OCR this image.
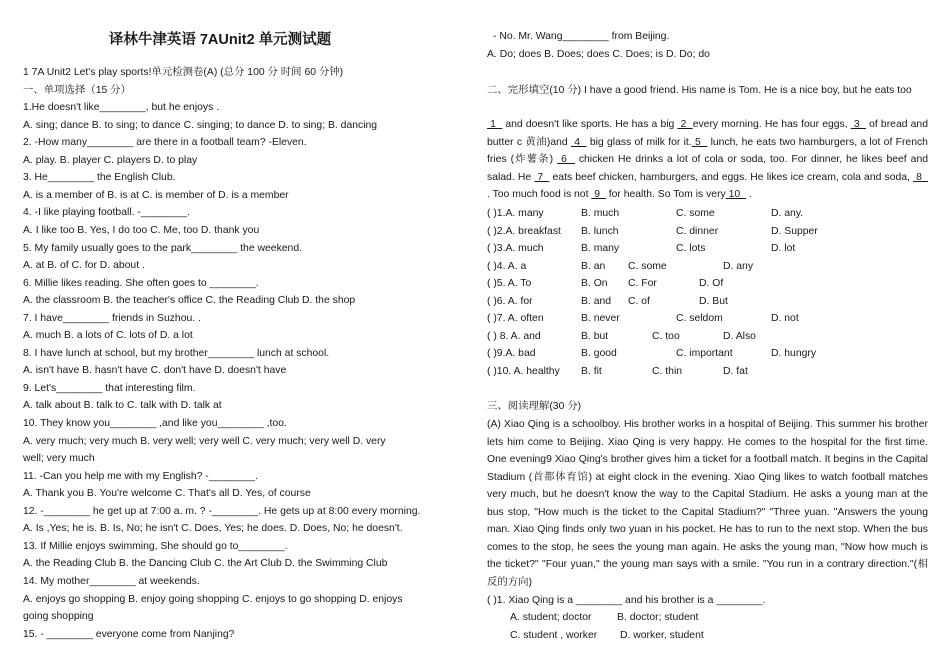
译林牛津英语 7AUnit2 单元测试题
1 7A Unit2 Let's play sports!单元检测卷(A) (总分 100 分 时间 60 分钟)
一、单项选择（15 分）
1.He doesn't like________, but he enjoys .
A. sing; dance B. to sing; to dance C. singing; to dance D. to sing; B. dancing
2. -How many________ are there in a football team? -Eleven.
A. play. B. player C. players D. to play
3. He________ the English Club.
A. is a member of B. is at C. is member of D. is a member
4. -I like playing football. -________.
A. I like too B. Yes, I do too C. Me, too D. thank you
5. My family usually goes to the park________ the weekend.
A. at B. of C. for D. about .
6. Millie likes reading. She often goes to ________.
A. the classroom B. the teacher's office C. the Reading Club D. the shop
7. I have________ friends in Suzhou. .
A. much B. a lots of C. lots of D. a lot
8. I have lunch at school, but my brother________ lunch at school.
A. isn't have B. hasn't have C. don't have D. doesn't have
9. Let's________ that interesting film.
A. talk about B. talk to C. talk with D. talk at
10. They know you________ ,and like you________ ,too.
A. very much; very much B. very well; very well C. very much; very well D. very
well; very much
11. -Can you help me with my English? -________.
A. Thank you B. You're welcome C. That's all D. Yes, of course
12. -________ he get up at 7:00 a. m. ? -________. He gets up at 8:00 every morning.
A. Is ,Yes; he is. B. Is, No; he isn't C. Does, Yes; he does. D. Does, No; he doesn't.
13. If Millie enjoys swimming, She should go to________.
A. the Reading Club B. the Dancing Club C. the Art Club D. the Swimming Club
14. My mother________ at weekends.
A. enjoys go shopping B. enjoy going shopping C. enjoys to go shopping D. enjoys
going shopping
15. - ________ everyone come from Nanjing?
- No. Mr. Wang________ from Beijing.
A. Do; does B. Does; does C. Does; is D. Do; do
二、完形填空(10 分) I have a good friend. His name is Tom. He is a nice boy, but he eats too
1   and doesn't like sports. He has a big  2  every morning. He has four eggs,  3   of bread and butter c 黄油)and  4   big glass of milk for it. 5   lunch, he eats two hamburgers, a lot of French fries (炸薯条)  6   chicken He drinks a lot of cola or soda, too. For dinner, he likes beef and salad. He  7   eats beef chicken, hamburgers, and eggs. He likes ice cream, cola and soda,  8   . Too much food is not  9   for health. So Tom is very 10   .
( )1.A. many	B. much	C. some	D. any.
( )2.A. breakfast B. lunch	C. dinner	D. Supper
( )3.A. much	B. many	C. lots	D. lot
( )4. A. a	B. an C. some	D. any
( )5. A. To	B. On C. For	D. Of
( )6. A. for	B. and C. of	D. But
( )7. A. often	B. never	C. seldom	D. not
( ) 8. A. and	B. but	C. too	D. Also
( )9.A. bad	B. good	C. important	D. hungry
( )10. A. healthy B. fit	C. thin	D. fat
三、阅读理解(30 分)
(A) Xiao Qing is a schoolboy. His brother works in a hospital of Beijing. This summer his brother lets him come to Beijing. Xiao Qing is very happy. He comes to the hospital for the first time. One evening9 Xiao Qing's brother gives him a ticket for a football match. It begins in the Capital Stadium (首都体育馆) at eight clock in the evening. Xiao Qing likes to watch football matches very much, but he doesn't know the way to the Capital Stadium. He asks a young man at the bus stop, "How much is the ticket to the Capital Stadium?" "Three yuan. "Answers the young man. Xiao Qing finds only two yuan in his pocket. He has to run to the next stop. When the bus comes to the stop, he sees the young man again. He asks the young man, "Now how much is the ticket?" "Four yuan," the young man says with a smile. "You run in a contrary direction."(相反的方向)
( )1. Xiao Qing is a ________ and his brother is a ________.
A. student; doctor B. doctor; student
C. student , worker D. worker, student
